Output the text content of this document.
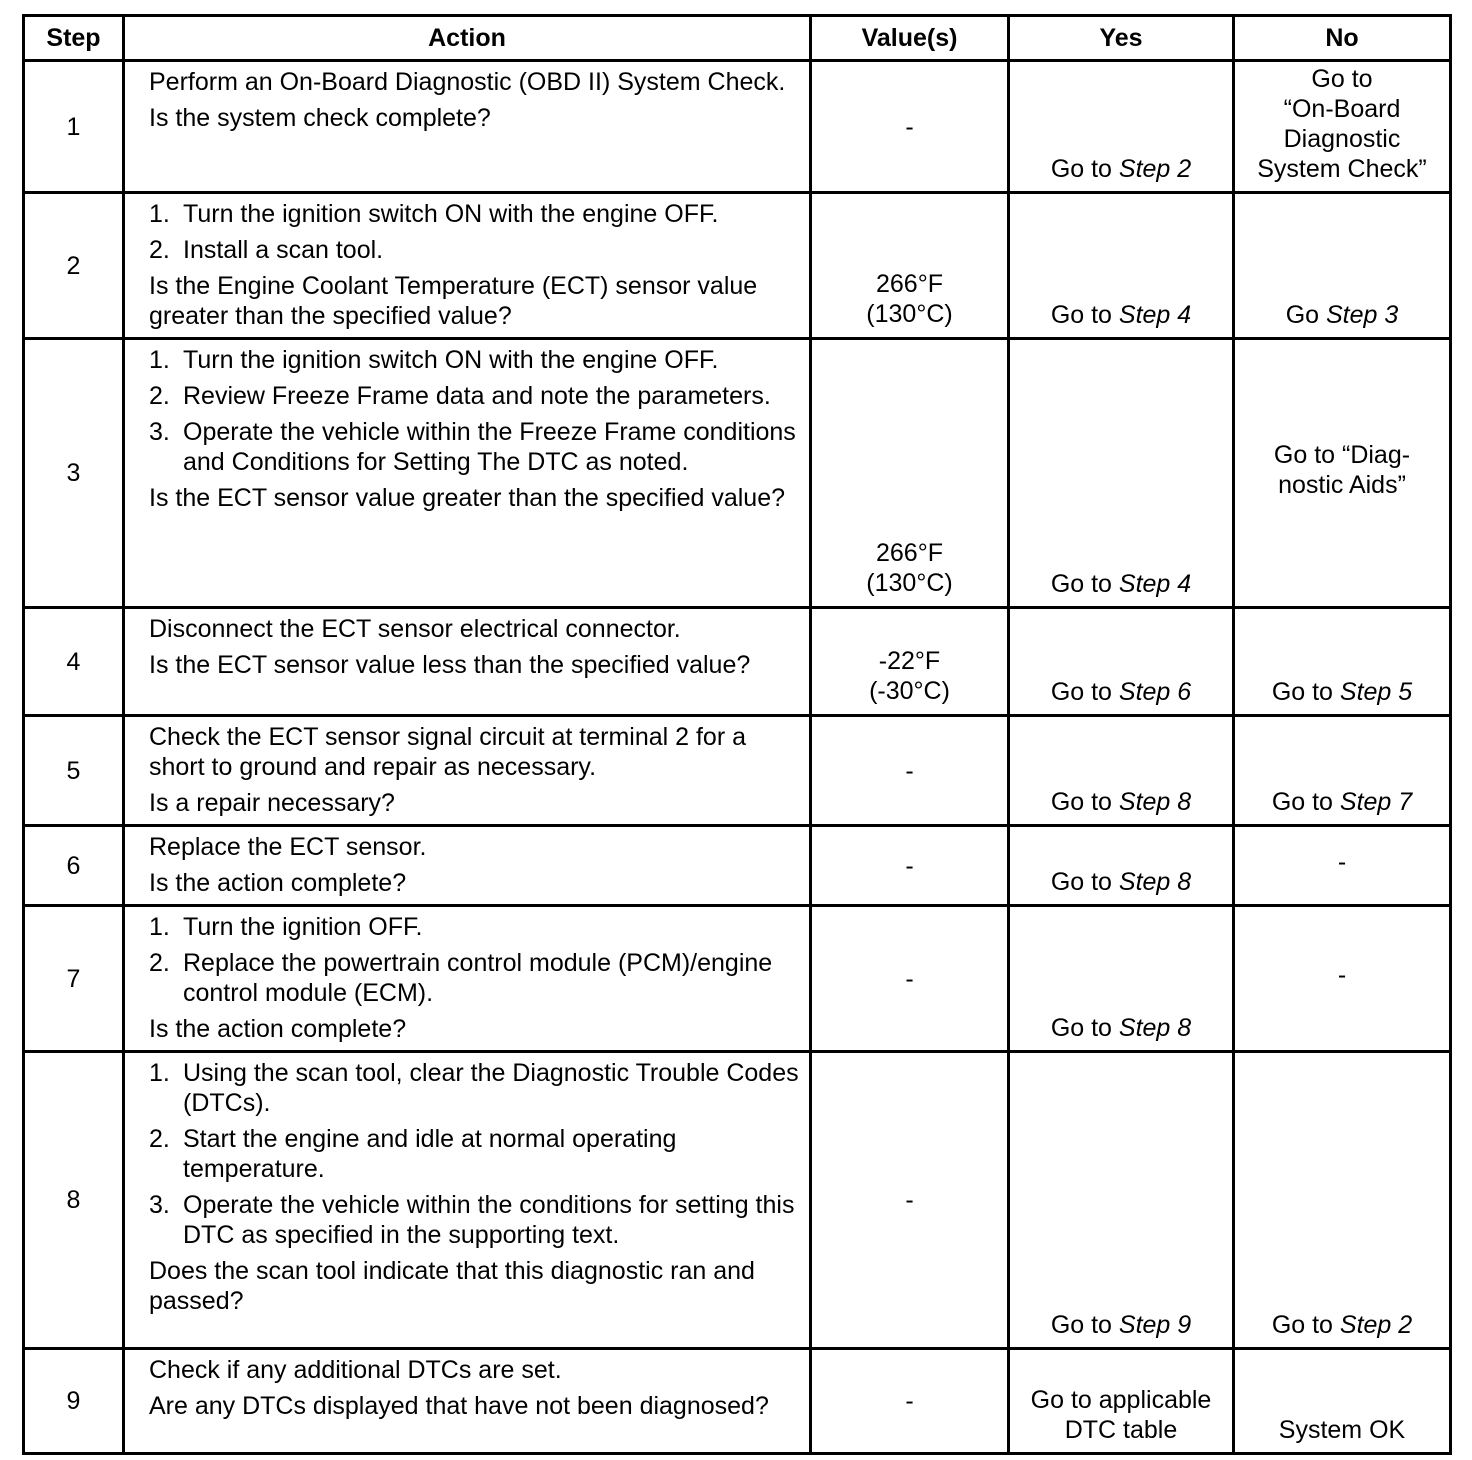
Step	Action	Value(s)	Yes	No
1	Perform an On-Board Diagnostic (OBD II) System Check.
Is the system check complete?	-	Go to Step 2	Go to
“On-Board
Diagnostic
System Check”

2	1. Turn the ignition switch ON with the engine OFF.
2. Install a scan tool.
Is the Engine Coolant Temperature (ECT) sensor value greater than the specified value?	266°F
(130°C)	Go to Step 4	Go Step 3
3	1. Turn the ignition switch ON with the engine OFF.
2. Review Freeze Frame data and note the parameters.
3. Operate the vehicle within the Freeze Frame conditions and Conditions for Setting The DTC as noted.
Is the ECT sensor value greater than the specified value?	266°F
(130°C)	Go to Step 4	Go to “Diag-
nostic Aids”

4	Disconnect the ECT sensor electrical connector.
Is the ECT sensor value less than the specified value?	-22°F
(-30°C)	Go to Step 6	Go to Step 5
5	Check the ECT sensor signal circuit at terminal 2 for a short to ground and repair as necessary.
Is a repair necessary?	-	Go to Step 8	Go to Step 7
6	Replace the ECT sensor.
Is the action complete?	-	Go to Step 8	-

7	1. Turn the ignition OFF.
2. Replace the powertrain control module (PCM)/engine control module (ECM).
Is the action complete?	-	Go to Step 8	-

8	1. Using the scan tool, clear the Diagnostic Trouble Codes (DTCs).
2. Start the engine and idle at normal operating temperature.
3. Operate the vehicle within the conditions for setting this DTC as specified in the supporting text.
Does the scan tool indicate that this diagnostic ran and passed?	-	Go to Step 9	Go to Step 2
9	Check if any additional DTCs are set.
Are any DTCs displayed that have not been diagnosed?	-	Go to applicable
DTC table	System OK
